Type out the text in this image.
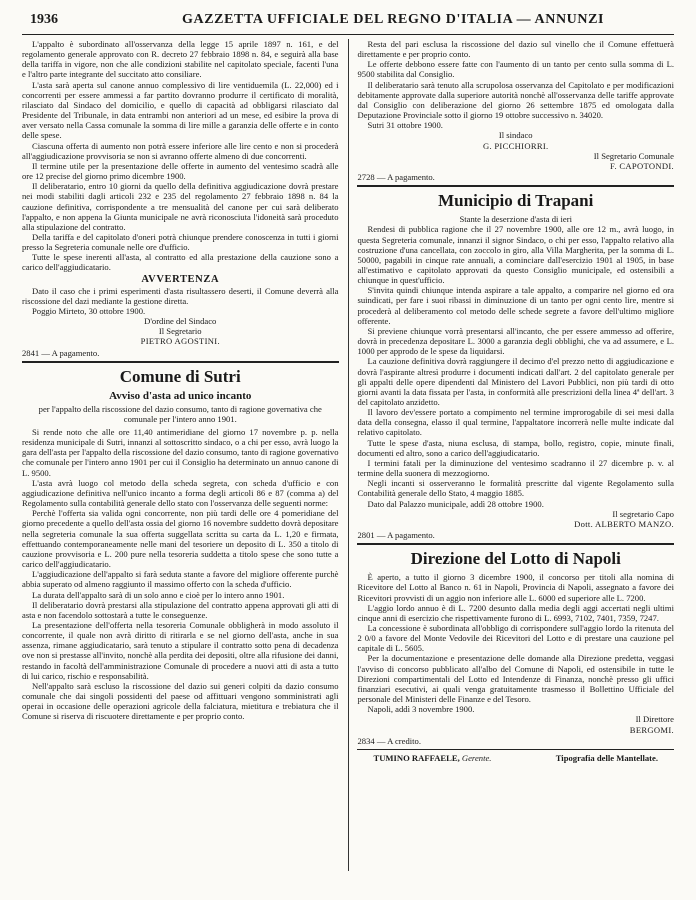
1936	GAZZETTA UFFICIALE DEL REGNO D'ITALIA — ANNUNZI

L'appalto è subordinato all'osservanza della legge 15 aprile 1897 n. 161, e del regolamento generale approvato con R. decreto 27 febbraio 1898 n. 84, e seguirà alla base della tariffa in vigore, non che alle condizioni stabilite nel capitolato speciale, facenti l'una e l'altro parte integrante del succitato atto consiliare.

L'asta sarà aperta sul canone annuo complessivo di lire ventiduemila (L. 22,000) ed i concorrenti per essere ammessi a far partito dovranno produrre il certificato di moralità, rilasciato dal Sindaco del domicilio, e quello di capacità ad obbligarsi rilasciato dal Presidente del Tribunale, in data entrambi non anteriori ad un mese, ed esibire la prova di aver versato nella Cassa comunale la somma di lire mille a garanzia delle offerte e in conto delle spese.

Ciascuna offerta di aumento non potrà essere inferiore alle lire cento e non si procederà all'aggiudicazione provvisoria se non si avranno offerte almeno di due concorrenti.

Il termine utile per la presentazione delle offerte in aumento del ventesimo scadrà alle ore 12 precise del giorno primo dicembre 1900.

Il deliberatario, entro 10 giorni da quello della definitiva aggiudicazione dovrà prestare nei modi stabiliti dagli articoli 232 e 235 del regolamento 27 febbraio 1898 n. 84 la cauzione definitiva, corrispondente a tre mensualità del canone per cui sarà deliberato l'appalto, e non appena la Giunta municipale ne avrà riconosciuta l'idoneità sarà proceduto alla stipulazione del contratto.

Della tariffa e del capitolato d'oneri potrà chiunque prendere conoscenza in tutti i giorni presso la Segreteria comunale nelle ore d'ufficio.

Tutte le spese inerenti all'asta, al contratto ed alla prestazione della cauzione sono a carico dell'aggiudicatario.

AVVERTENZA

Dato il caso che i primi esperimenti d'asta risultassero deserti, il Comune deverrà alla riscossione del dazi mediante la gestione diretta.

Poggio Mirteto, 30 ottobre 1900.

D'ordine del Sindaco

Il Segretario

PIETRO AGOSTINI.

2841 — A pagamento.
Comune di Sutri
Avviso d'asta ad unico incanto

per l'appalto della riscossione del dazio consumo, tanto di ragione governativa che comunale per l'intero anno 1901.

Si rende noto che alle ore 11,40 antimeridiane del giorno 17 novembre p. p. nella residenza municipale di Sutri, innanzi al sottoscritto sindaco, o a chi per esso, avrà luogo la gara dell'asta per l'appalto della riscossione del dazio consumo, tanto di ragione governativo che comunale per l'intero anno 1901 per cui il Consiglio ha determinato un annuo canone di L. 9500.

L'asta avrà luogo col metodo della scheda segreta, con scheda d'ufficio e con aggiudicazione definitiva nell'unico incanto a forma degli articoli 86 e 87 (comma a) del Regolamento sulla contabilità generale dello stato con l'osservanza delle seguenti norme:

Perchè l'offerta sia valida ogni concorrente, non più tardi delle ore 4 pomeridiane del giorno precedente a quello dell'asta ossia del giorno 16 novembre suddetto dovrà depositare nella segreteria comunale la sua offerta suggellata scritta su carta da L. 1,20 e firmata, effettuando contemporaneamente nelle mani del tesoriere un deposito di L. 350 a titolo di cauzione provvisoria e L. 200 pure nella tesoreria suddetta a titolo spese che sono tutte a carico dell'aggiudicatario.

L'aggiudicazione dell'appalto si farà seduta stante a favore del migliore offerente purchè abbia superato od almeno raggiunto il massimo offerto con la scheda d'ufficio.

La durata dell'appalto sarà di un solo anno e cioè per lo intero anno 1901.

Il deliberatario dovrà prestarsi alla stipulazione del contratto appena approvati gli atti di asta e non facendolo sottostarà a tutte le conseguenze.

La presentazione dell'offerta nella tesoreria Comunale obbligherà in modo assoluto il concorrente, il quale non avrà diritto di ritirarla e se nel giorno dell'asta, anche in sua assenza, rimane aggiudicatario, sarà tenuto a stipulare il contratto sotto pena di decadenza ove non si prestasse all'invito, nonchè alla perdita dei depositi, oltre alla rifusione dei danni, restando in facoltà dell'amministrazione Comunale di procedere a nuovi atti di asta a tutto di lui carico, rischio e responsabilità.

Nell'appalto sarà escluso la riscossione del dazio sui generi colpiti da dazio consumo comunale che dai singoli possidenti del paese od affittuari vengono somministrati agli operai in occasione delle operazioni agricole della falciatura, mietitura e trebiatura che il Comune si riserva di riscuotere direttamente e per proprio conto.

Resta del pari esclusa la riscossione del dazio sul vinello che il Comune effettuerà direttamente e per proprio conto.

Le offerte debbono essere fatte con l'aumento di un tanto per cento sulla somma di L. 9500 stabilita dal Consiglio.

Il deliberatario sarà tenuto alla scrupolosa osservanza del Capitolato e per modificazioni debitamente approvate dalla superiore autorità nonchè all'osservanza delle tariffe approvate dal Consiglio con deliberazione del giorno 26 settembre 1875 ed omologata dalla Deputazione Provinciale sotto il giorno 19 ottobre successivo n. 34020.

Sutri 31 ottobre 1900.

Il sindaco

G. PICCHIORRI.

Il Segretario Comunale

F. CAPOTONDI.

2728 — A pagamento.
Municipio di Trapani

Stante la deserzione d'asta di ieri

Rendesi di pubblica ragione che il 27 novembre 1900, alle ore 12 m., avrà luogo, in questa Segreteria comunale, innanzi il signor Sindaco, o chi per esso, l'appalto relativo alla costruzione d'una cancellata, con zoccolo in giro, alla Villa Margherita, per la somma di L. 50000, pagabili in cinque rate annuali, a cominciare dall'esercizio 1901 al 1905, in base all'estimativo e capitolato approvati da questo Consiglio municipale, ed ostensibili a chiunque in quest'ufficio.

S'invita quindi chiunque intenda aspirare a tale appalto, a comparire nel giorno ed ora suindicati, per fare i suoi ribassi in diminuzione di un tanto per ogni cento lire, mentre si procederà al deliberamento col metodo delle schede segrete a favore dell'ultimo migliore offerente.

Si previene chiunque vorrà presentarsi all'incanto, che per essere ammesso ad offerire, dovrà in precedenza depositare L. 3000 a garanzia degli obblighi, che va ad assumere, e L. 1000 per approdo de le spese da liquidarsi.

La cauzione definitiva dovrà raggiungere il decimo d'el prezzo netto di aggiudicazione e dovrà l'aspirante altresì produrre i documenti indicati dall'art. 2 del capitolato generale per gli appalti delle opere dipendenti dal Ministero del Lavori Pubblici, non più tardi di otto giorni avanti la data fissata per l'asta, in conformità alle prescrizioni della linea 4ª dell'art. 3 del capitolato anzidetto.

Il lavoro dev'essere portato a compimento nel termine improrogabile di sei mesi dalla data della consegna, elasso il qual termine, l'appaltatore incorrerà nelle multe indicate dal relativo capitolato.

Tutte le spese d'asta, niuna esclusa, di stampa, bollo, registro, copie, minute finali, documenti ed altro, sono a carico dell'aggiudicatario.

I termini fatali per la diminuzione del ventesimo scadranno il 27 dicembre p. v. al termine della suonera di mezzogiorno.

Negli incanti si osserveranno le formalità prescritte dal vigente Regolamento sulla Contabilità generale dello Stato, 4 maggio 1885.

Dato dal Palazzo municipale, addì 28 ottobre 1900.

Il segretario Capo

Dott. ALBERTO MANZO.

2801 — A pagamento.
Direzione del Lotto di Napoli

È aperto, a tutto il giorno 3 dicembre 1900, il concorso per titoli alla nomina di Ricevitore del Lotto al Banco n. 61 in Napoli, Provincia di Napoli, assegnato a favore dei Ricevitori provvisti di un aggio non inferiore alle L. 6000 ed superiore alle L. 7200.

L'aggio lordo annuo è di L. 7200 desunto dalla media degli aggi accertati negli ultimi cinque anni di esercizio che rispettivamente furono di L. 6993, 7102, 7401, 7359, 7247.

La concessione è subordinata all'obbligo di corrispondere sull'aggio lordo la ritenuta del 2 0/0 a favore del Monte Vedovile dei Ricevitori del Lotto e di prestare una cauzione pel capitale di L. 5605.

Per la documentazione e presentazione delle domande alla Direzione predetta, veggasi l'avviso di concorso pubblicato all'albo del Comune di Napoli, ed ostensibile in tutte le Direzioni compartimentali del Lotto ed Intendenze di Finanza, nonchè presso gli uffici finanziari esecutivi, ai quali venga gratuitamente trasmesso il Bollettino Ufficiale del personale del Ministeri delle Finanze e del Tesoro.

Napoli, addì 3 novembre 1900.

Il Direttore

BERGOMI.

2834 — A credito.
TUMINO RAFFAELE, Gerente.	Tipografia delle Mantellate.
